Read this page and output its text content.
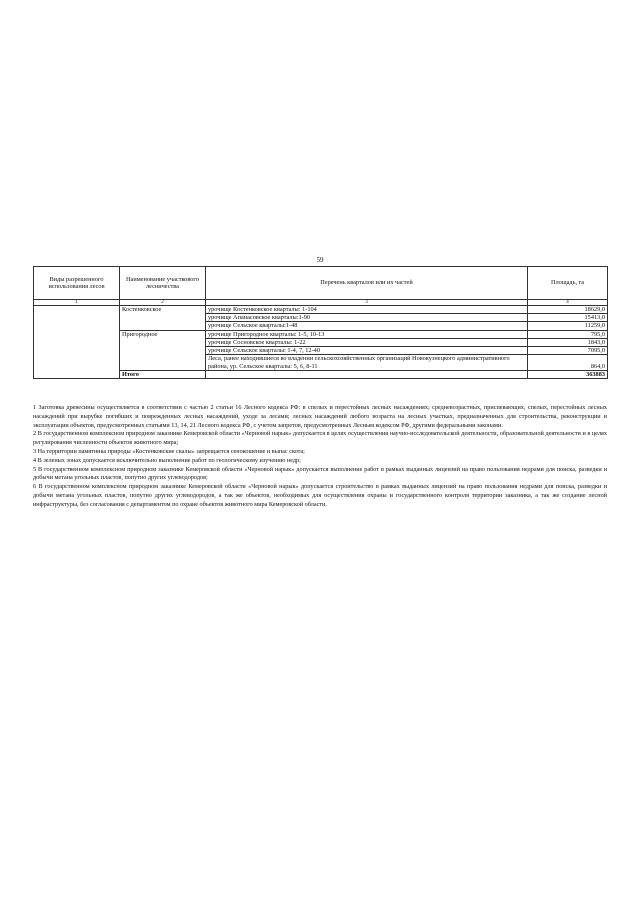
59
Виды разрешенного использования лесов	Наименование участкового лесничества	Перечень кварталов или их частей	Площадь, га
1	2	3	4
	Костенковское	урочище Костенковское кварталы: 1-104	18629,0
		урочище Апанасовское кварталы:1-90	15413,0
		урочище Сельское кварталы:1-48	11259,0
	Пригородное	урочище Пригородное кварталы: 1-5, 10-13	795,0
		урочище Сосновское кварталы: 1-22	1843,0
		урочище Сельское кварталы: 1-4, 7, 12-40	7095,0
		Леса, ранее находившиеся во владении сельскохозяйственных организаций Новокузнецкого административного района, ур. Сельское кварталы: 5, 6, 8-11	864,0
	Итого		363883

1 Заготовка древесины осуществляется в соответствии с частью 2 статьи 16 Лесного кодекса РФ: в спелых и перестойных лесных насаждениях; средневозрастных, приспевающих, спелых, перестойных лесных насаждений при вырубке погибших и поврежденных лесных насаждений, уходе за лесами; лесных насаждений любого возраста на лесных участках, предназначенных для строительства, реконструкции и эксплуатации объектов, предусмотренных статьями 13, 14, 21 Лесного кодекса РФ, с учетом запретов, предусмотренных Лесным кодексом РФ, другими федеральными законами.

2 В государственном комплексном природном заказнике Кемеровской области «Черновой нарык» допускается в целях осуществления научно-исследовательской деятельности, образовательной деятельности и в целях регулирования численности объектов животного мира;

3 На территории памятника природы «Костенковские скалы» запрещается сенокошение и выпас скота;

4 В зеленых зонах допускается исключительно выполнение работ по геологическому изучению недр;

5 В государственном комплексном природном заказнике Кемеровской области «Черновой нарык» допускается выполнение работ в рамках выданных лицензий на право пользования недрами для поиска, разведки и добычи метана угольных пластов, попутно других углеводородов;

6 В государственном комплексном природном заказнике Кемеровской области «Черновой нарык» допускается строительство в рамках выданных лицензий на право пользования недрами для поиска, разведки и добычи метана угольных пластов, попутно других углеводородов, а так же объектов, необходимых для осуществления охраны и государственного контроля территории заказника, а так же создание лесной инфраструктуры, без согласования с департаментом по охране объектов животного мира Кемеровской области.
